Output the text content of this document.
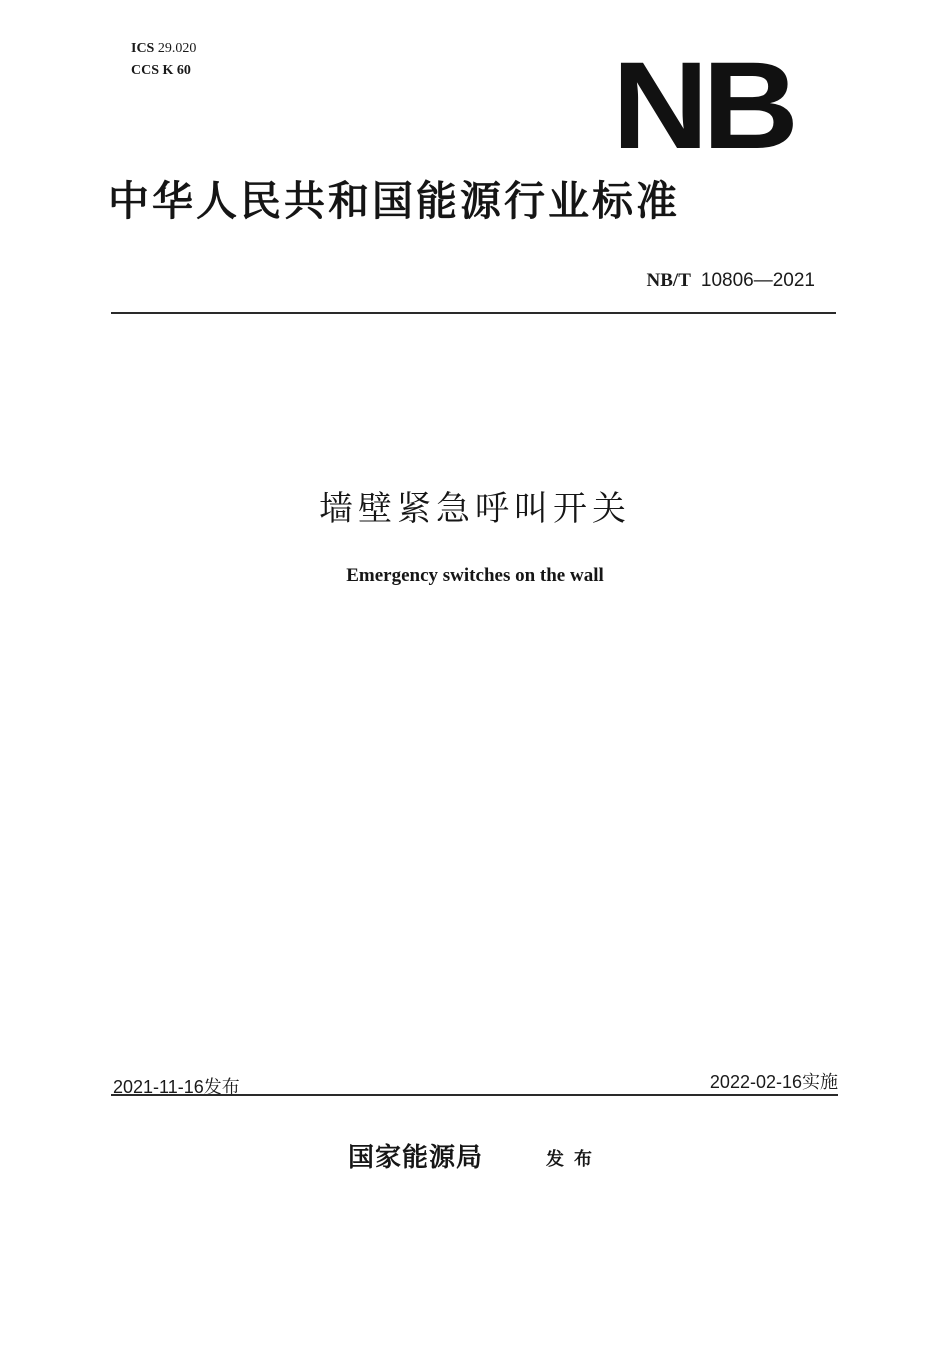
ICS 29.020
CCS K 60	NB
中华人民共和国能源行业标准
NB/T 10806—2021
墙壁紧急呼叫开关
Emergency switches on the wall
2021-11-16发布	2022-02-16实施
国家能源局	发布
